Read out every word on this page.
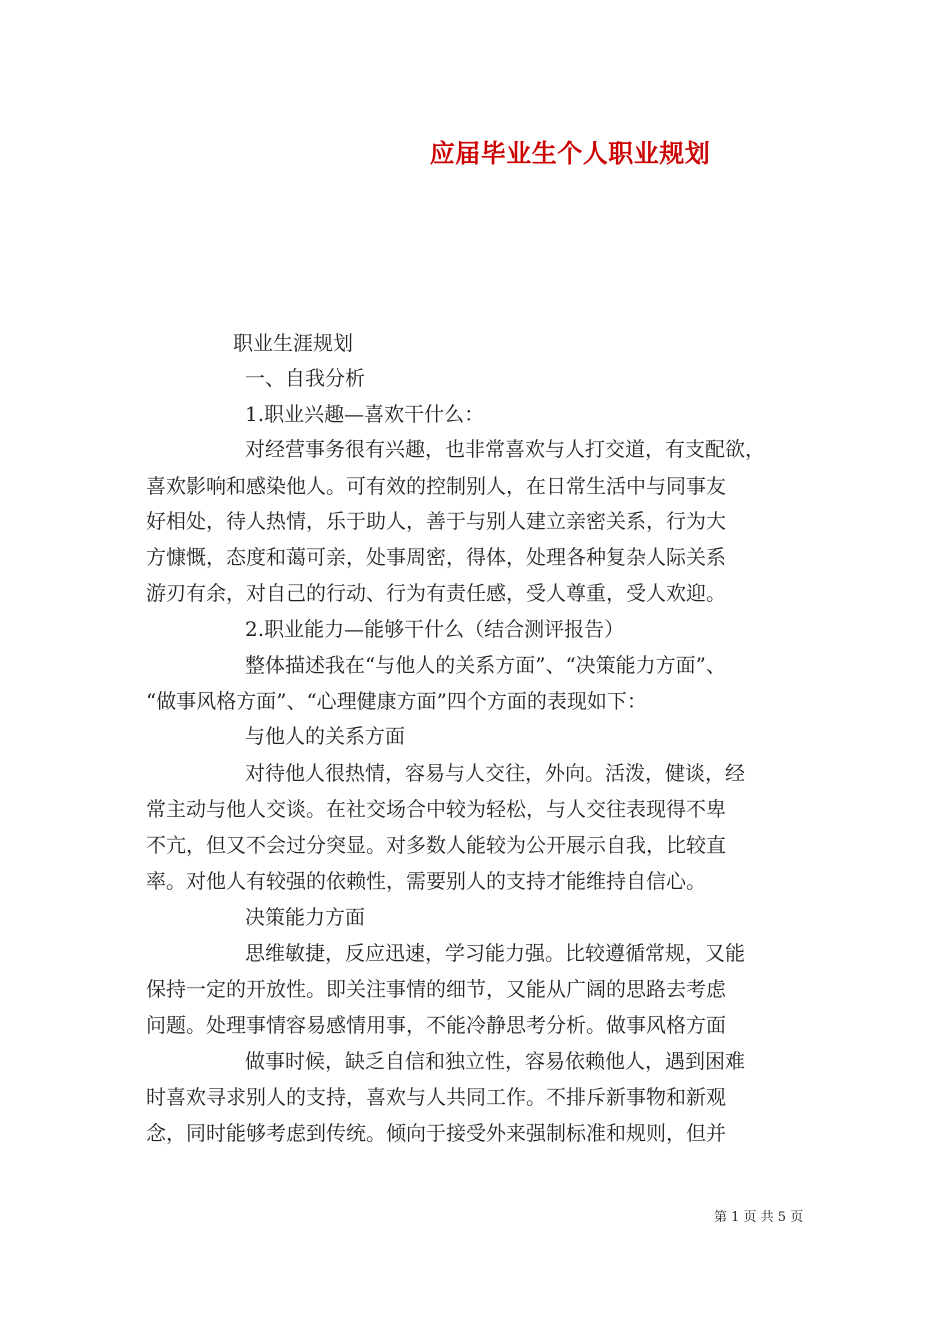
应届毕业生个人职业规划
职业生涯规划
一、自我分析
1.职业兴趣—喜欢干什么：
对经营事务很有兴趣，也非常喜欢与人打交道，有支配欲，
喜欢影响和感染他人。可有效的控制别人，在日常生活中与同事友
好相处，待人热情，乐于助人，善于与别人建立亲密关系，行为大
方慷慨，态度和蔼可亲，处事周密，得体，处理各种复杂人际关系
游刃有余，对自己的行动、行为有责任感，受人尊重，受人欢迎。
2.职业能力—能够干什么（结合测评报告）
整体描述我在“与他人的关系方面”、“决策能力方面”、
“做事风格方面”、“心理健康方面”四个方面的表现如下：
与他人的关系方面
对待他人很热情，容易与人交往，外向。活泼，健谈，经
常主动与他人交谈。在社交场合中较为轻松，与人交往表现得不卑
不亢，但又不会过分突显。对多数人能较为公开展示自我，比较直
率。对他人有较强的依赖性，需要别人的支持才能维持自信心。
决策能力方面
思维敏捷，反应迅速，学习能力强。比较遵循常规，又能
保持一定的开放性。即关注事情的细节，又能从广阔的思路去考虑
问题。处理事情容易感情用事，不能冷静思考分析。做事风格方面
做事时候，缺乏自信和独立性，容易依赖他人，遇到困难
时喜欢寻求别人的支持，喜欢与人共同工作。不排斥新事物和新观
念，同时能够考虑到传统。倾向于接受外来强制标准和规则，但并
第 1 页 共 5 页
